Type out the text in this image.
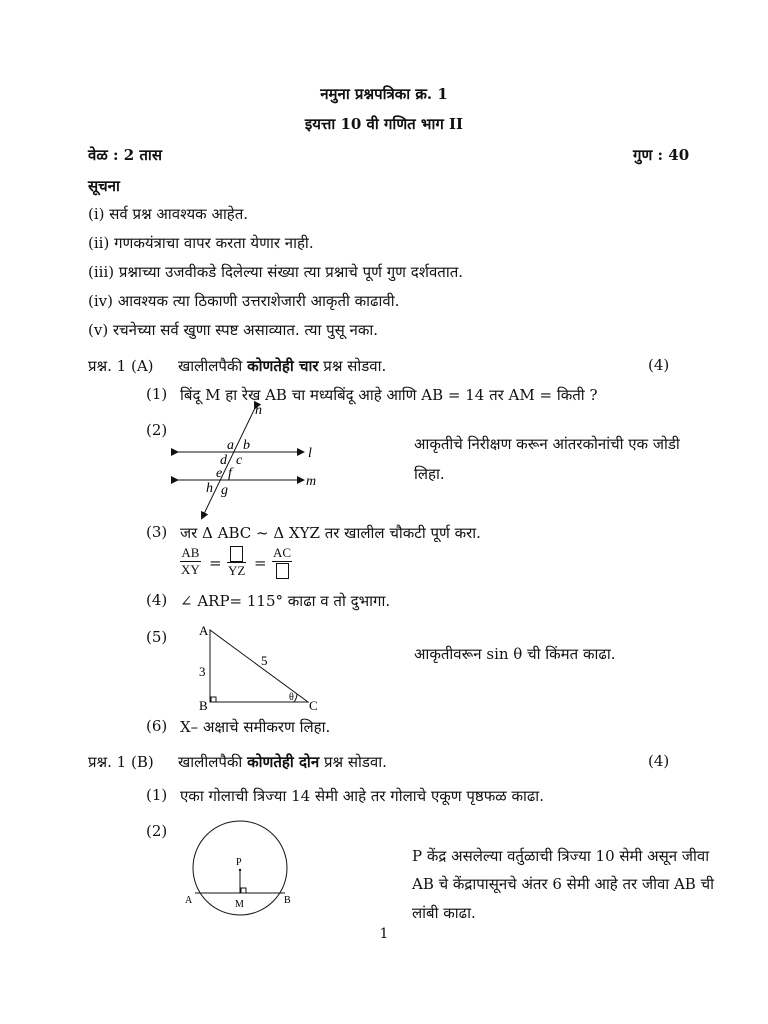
नमुना प्रश्नपत्रिका क्र. 1
इयत्ता 10 वी गणित भाग II
वेळ : 2 तास	गुण : 40
सूचना
(i) सर्व प्रश्न आवश्यक आहेत.
(ii) गणकयंत्राचा वापर करता येणार नाही.
(iii) प्रश्नाच्या उजवीकडे दिलेल्या संख्या त्या प्रश्नाचे पूर्ण गुण दर्शवतात.
(iv) आवश्यक त्या ठिकाणी उत्तराशेजारी आकृती काढावी.
(v) रचनेच्या सर्व खुणा स्पष्ट असाव्यात. त्या पुसू नका.
प्रश्न. 1 (A) खालीलपैकी कोणतेही चार प्रश्न सोडवा.	(4)
(1) बिंदू M हा रेख AB चा मध्यबिंदू आहे आणि AB = 14 तर AM = किती ?
(2)
n
l
m
a b
d c
e f
h g
आकृतीचे निरीक्षण करून आंतरकोनांची एक जोडी
लिहा.
(3) जर Δ ABC ~ Δ XYZ तर खालील चौकटी पूर्ण करा.
$\frac{AB}{XY}$ = YZ =
AC
(4) ∠ ARP= 115° काढा व तो दुभागा.
(5) A
B	C
3
5
θ
आकृतीवरून sin θ ची किंमत काढा.
(6) X– अक्षाचे समीकरण लिहा.
प्रश्न. 1 (B) खालीलपैकी कोणतेही दोन प्रश्न सोडवा.	(4)
(1) एका गोलाची त्रिज्या 14 सेमी आहे तर गोलाचे एकूण पृष्ठफळ काढा.
(2)
P
M
A	B
P केंद्र असलेल्या वर्तुळाची त्रिज्या 10 सेमी असून जीवा
AB चे केंद्रापासूनचे अंतर 6 सेमी आहे तर जीवा AB ची
लांबी काढा.
1
